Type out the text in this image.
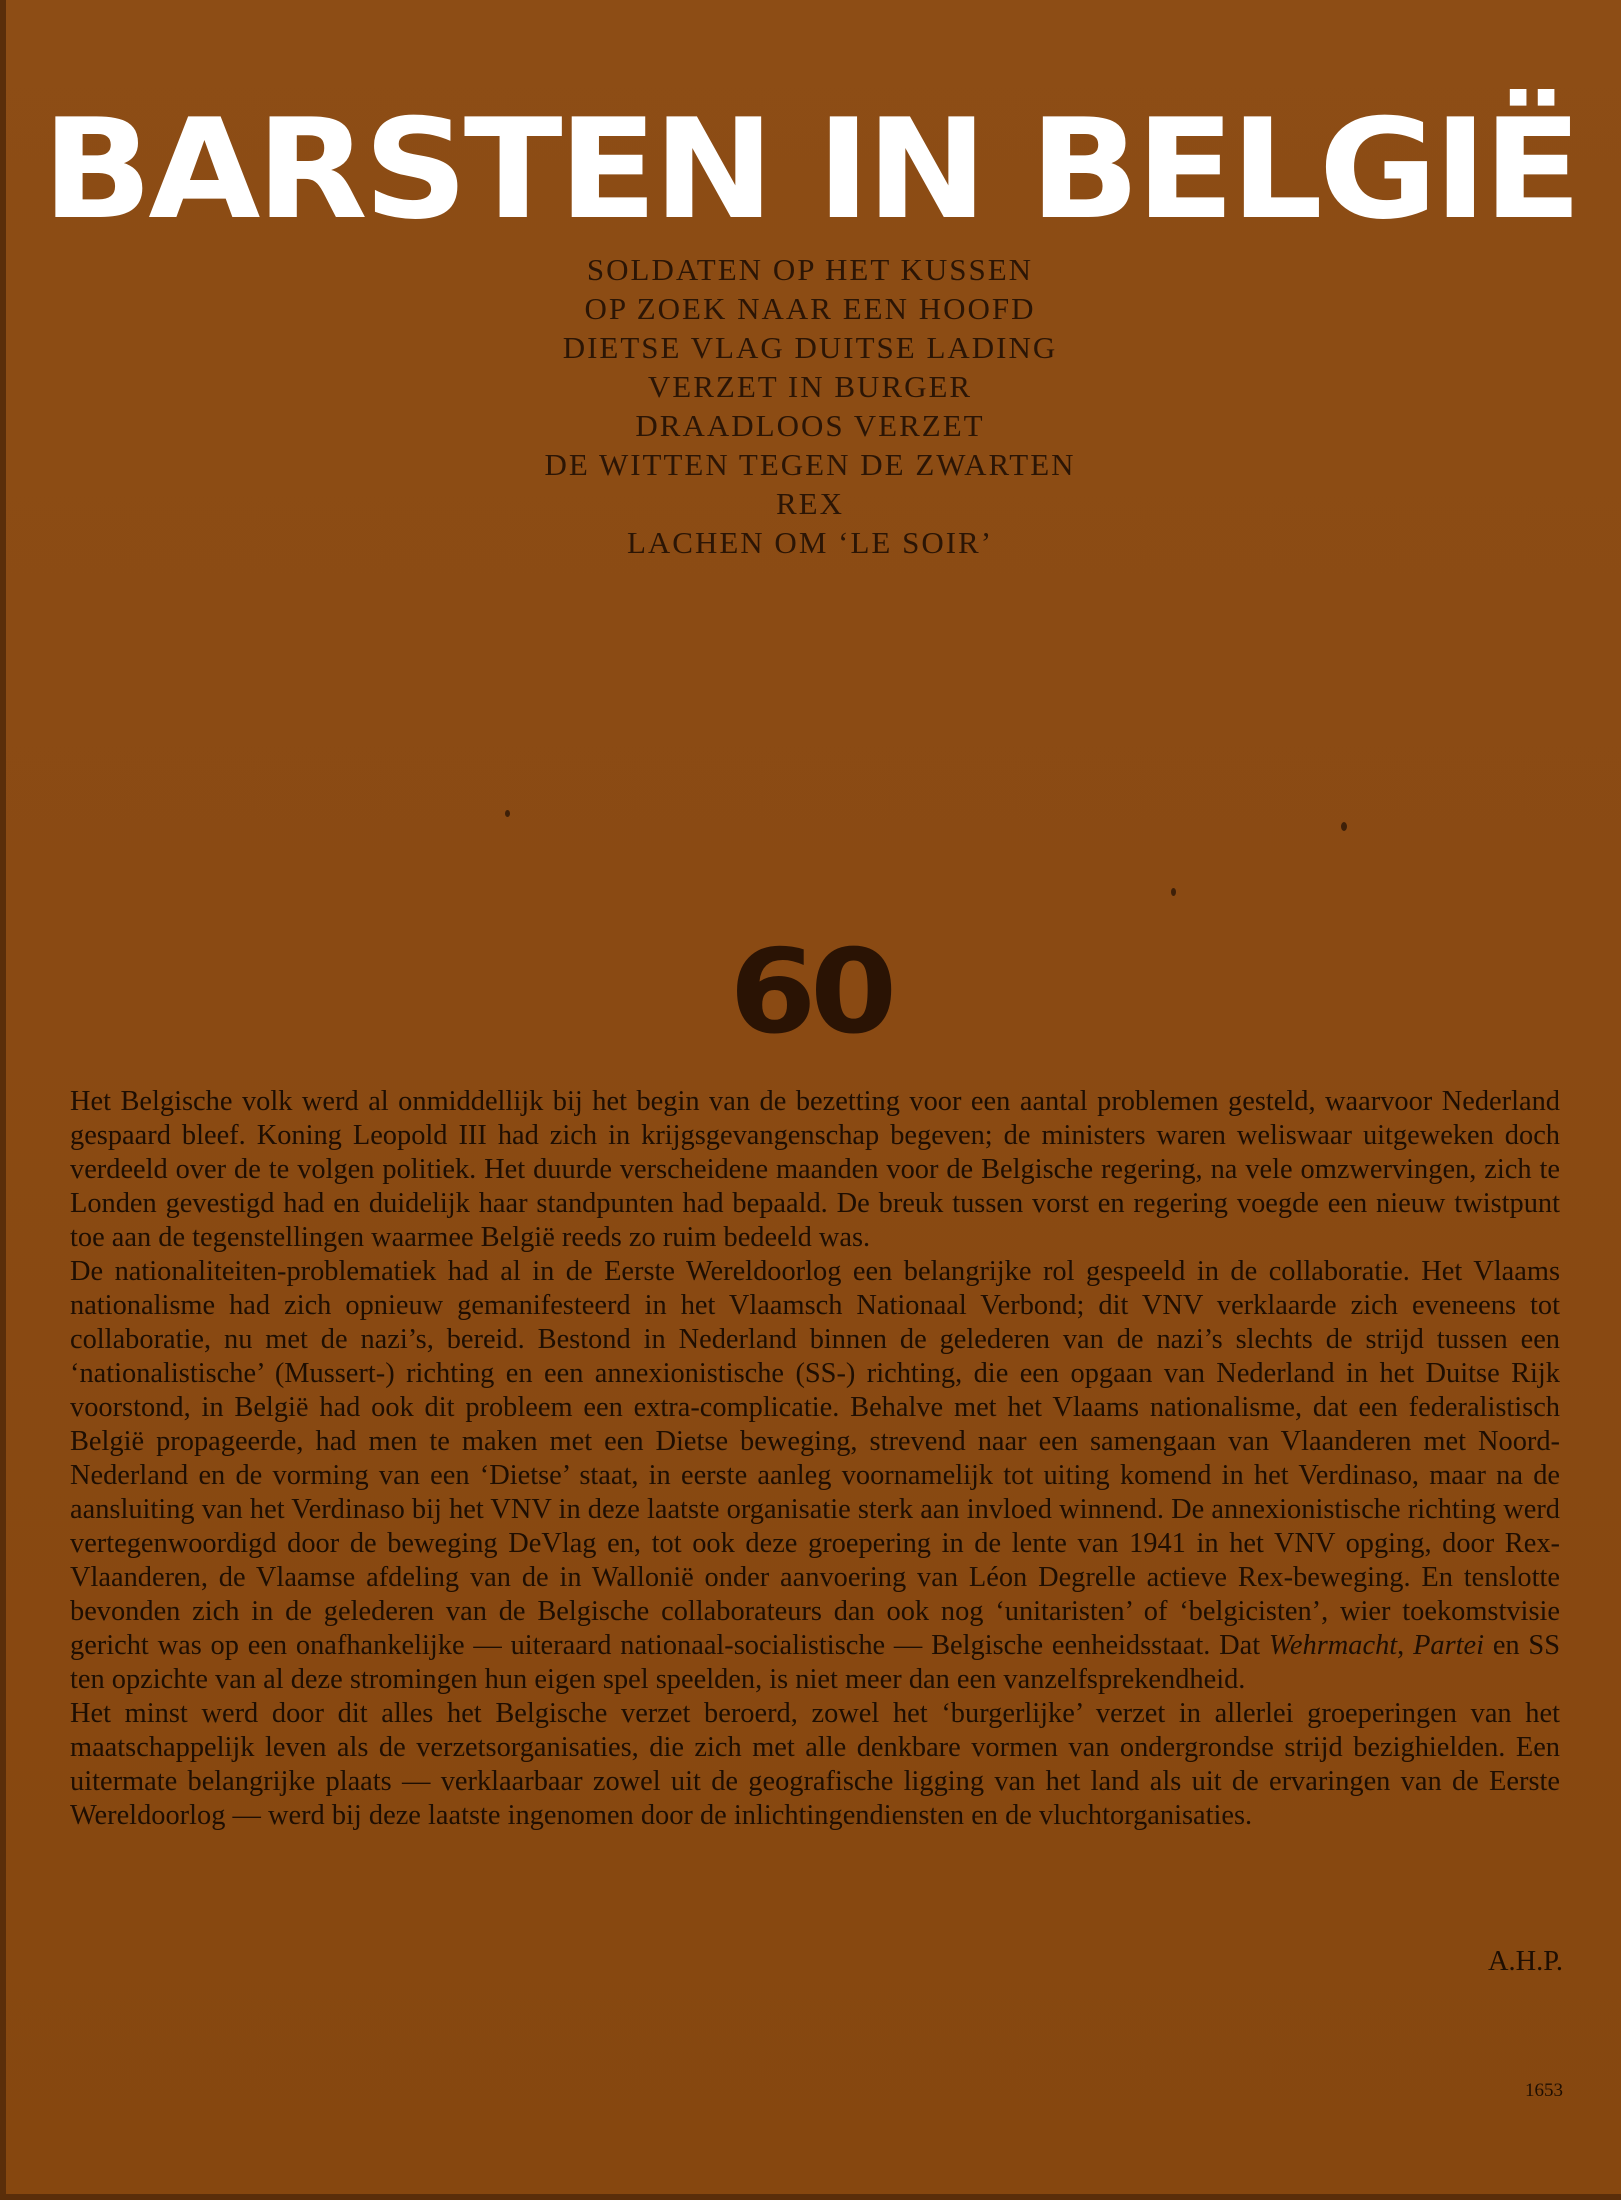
BARSTEN IN BELGIË
SOLDATEN OP HET KUSSEN
OP ZOEK NAAR EEN HOOFD
DIETSE VLAG DUITSE LADING
VERZET IN BURGER
DRAADLOOS VERZET
DE WITTEN TEGEN DE ZWARTEN
REX
LACHEN OM ‘LE SOIR’
60

Het Belgische volk werd al onmiddellijk bij het begin van de bezetting voor een aantal problemen gesteld, waarvoor Nederland gespaard bleef. Koning Leopold III had zich in krijgsgevangenschap begeven; de ministers waren weliswaar uitgeweken doch verdeeld over de te volgen politiek. Het duurde verscheidene maanden voor de Belgische regering, na vele omzwervingen, zich te Londen gevestigd had en duidelijk haar standpunten had bepaald. De breuk tussen vorst en regering voegde een nieuw twistpunt toe aan de tegenstellingen waarmee België reeds zo ruim bedeeld was.

De nationaliteiten-problematiek had al in de Eerste Wereldoorlog een belangrijke rol gespeeld in de collaboratie. Het Vlaams nationalisme had zich opnieuw gemanifesteerd in het Vlaamsch Nationaal Verbond; dit VNV verklaarde zich eveneens tot collaboratie, nu met de nazi’s, bereid. Bestond in Nederland binnen de gelederen van de nazi’s slechts de strijd tussen een ‘nationalistische’ (Mussert-) richting en een annexionistische (SS-) richting, die een opgaan van Nederland in het Duitse Rijk voorstond, in België had ook dit probleem een extra-complicatie. Behalve met het Vlaams nationalisme, dat een federalistisch België propageerde, had men te maken met een Dietse beweging, strevend naar een samengaan van Vlaanderen met Noord-Nederland en de vorming van een ‘Dietse’ staat, in eerste aanleg voornamelijk tot uiting komend in het Verdinaso, maar na de aansluiting van het Verdinaso bij het VNV in deze laatste organisatie sterk aan invloed winnend. De annexionistische richting werd vertegenwoordigd door de beweging DeVlag en, tot ook deze groepering in de lente van 1941 in het VNV opging, door Rex-Vlaanderen, de Vlaamse afdeling van de in Wallonië onder aanvoering van Léon Degrelle actieve Rex-beweging. En tenslotte bevonden zich in de gelederen van de Belgische collaborateurs dan ook nog ‘unitaristen’ of ‘belgicisten’, wier toekomstvisie gericht was op een onafhankelijke — uiteraard nationaal-socialistische — Belgische eenheidsstaat. Dat Wehrmacht, Partei en SS ten opzichte van al deze stromingen hun eigen spel speelden, is niet meer dan een vanzelfsprekendheid.

Het minst werd door dit alles het Belgische verzet beroerd, zowel het ‘burgerlijke’ verzet in allerlei groeperingen van het maatschappelijk leven als de verzetsorganisaties, die zich met alle denkbare vormen van ondergrondse strijd bezighielden. Een uitermate belangrijke plaats — verklaarbaar zowel uit de geografische ligging van het land als uit de ervaringen van de Eerste Wereldoorlog — werd bij deze laatste ingenomen door de inlichtingendiensten en de vluchtorganisaties.

A.H.P.
1653
